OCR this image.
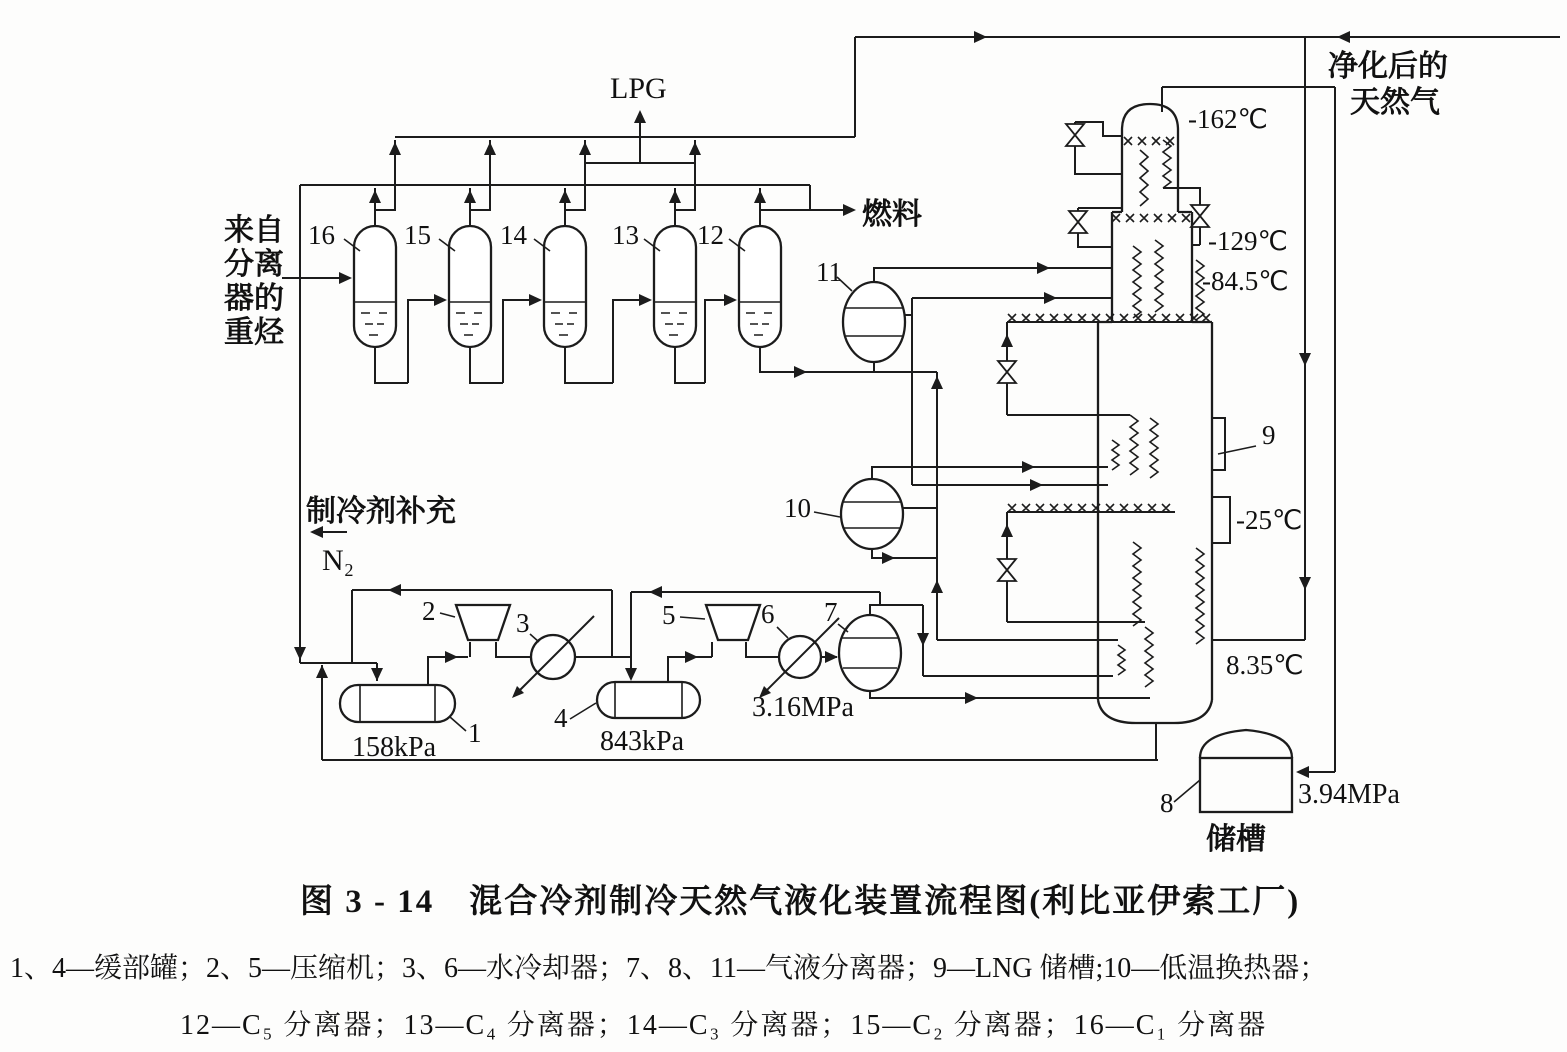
来自
分离
器的
重烃
LPG
燃料
净化后的
天然气
制冷剂补充
N₂
储槽
-162℃
-129℃
-84.5℃
-25℃
8.35℃
158kPa	843kPa
3.16MPa
3.94MPa
16	15	14	13 12
11
10
9
8
7
6
5
4
3
2
1
图 3 - 14　混合冷剂制冷天然气液化装置流程图(利比亚伊索工厂)
1、4—缓部罐；2、5—压缩机；3、6—水冷却器；7、8、11—气液分离器；9—LNG 储槽;10—低温换热器；
12—C₅ 分离器；13—C₄ 分离器；14—C₃ 分离器；15—C₂ 分离器；16—C₁ 分离器
